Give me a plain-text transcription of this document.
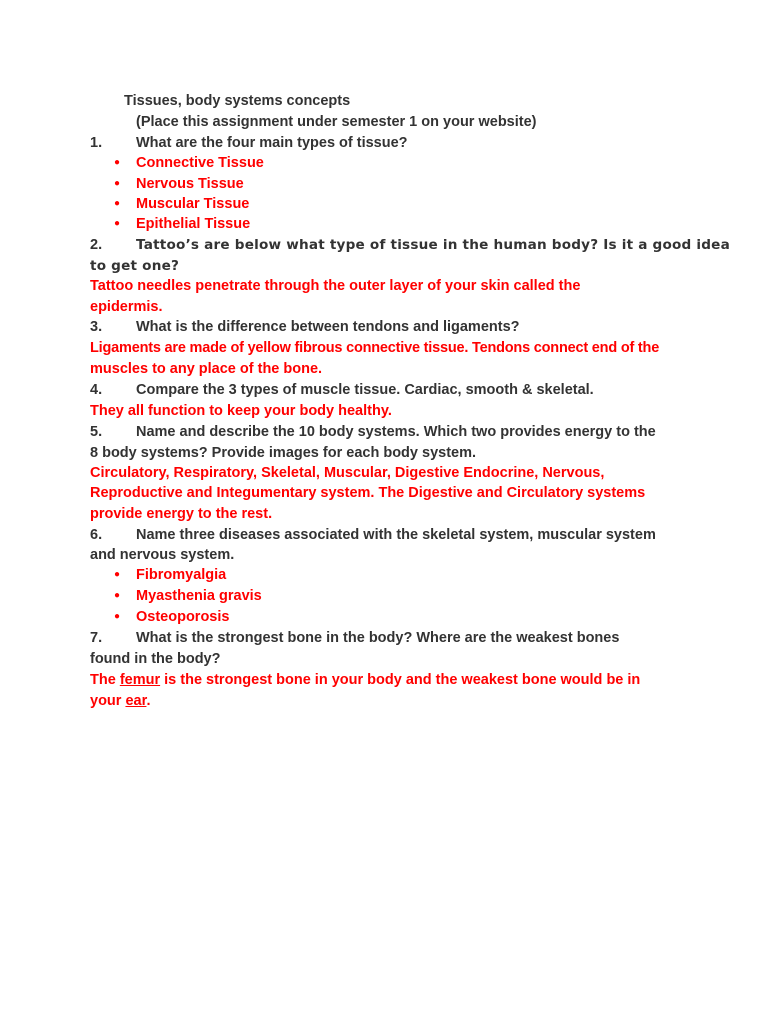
Tissues, body systems concepts
(Place this assignment under semester 1 on your website)
1. What are the four main types of tissue?
● Connective Tissue
● Nervous Tissue
● Muscular Tissue
● Epithelial Tissue
2. Tattoo’s are below what type of tissue in the human body? Is it a good idea
to get one?
Tattoo needles penetrate through the outer layer of your skin called the
epidermis.
3. What is the difference between tendons and ligaments?
Ligaments are made of yellow fibrous connective tissue. Tendons connect end of the
muscles to any place of the bone.
4. Compare the 3 types of muscle tissue. Cardiac, smooth & skeletal.
They all function to keep your body healthy.
5. Name and describe the 10 body systems. Which two provides energy to the
8 body systems? Provide images for each body system.
Circulatory, Respiratory, Skeletal, Muscular, Digestive Endocrine, Nervous,
Reproductive and Integumentary system. The Digestive and Circulatory systems
provide energy to the rest.
6. Name three diseases associated with the skeletal system, muscular system
and nervous system.
● Fibromyalgia
● Myasthenia gravis
● Osteoporosis
7. What is the strongest bone in the body? Where are the weakest bones
found in the body?
The femur is the strongest bone in your body and the weakest bone would be in
your ear.
